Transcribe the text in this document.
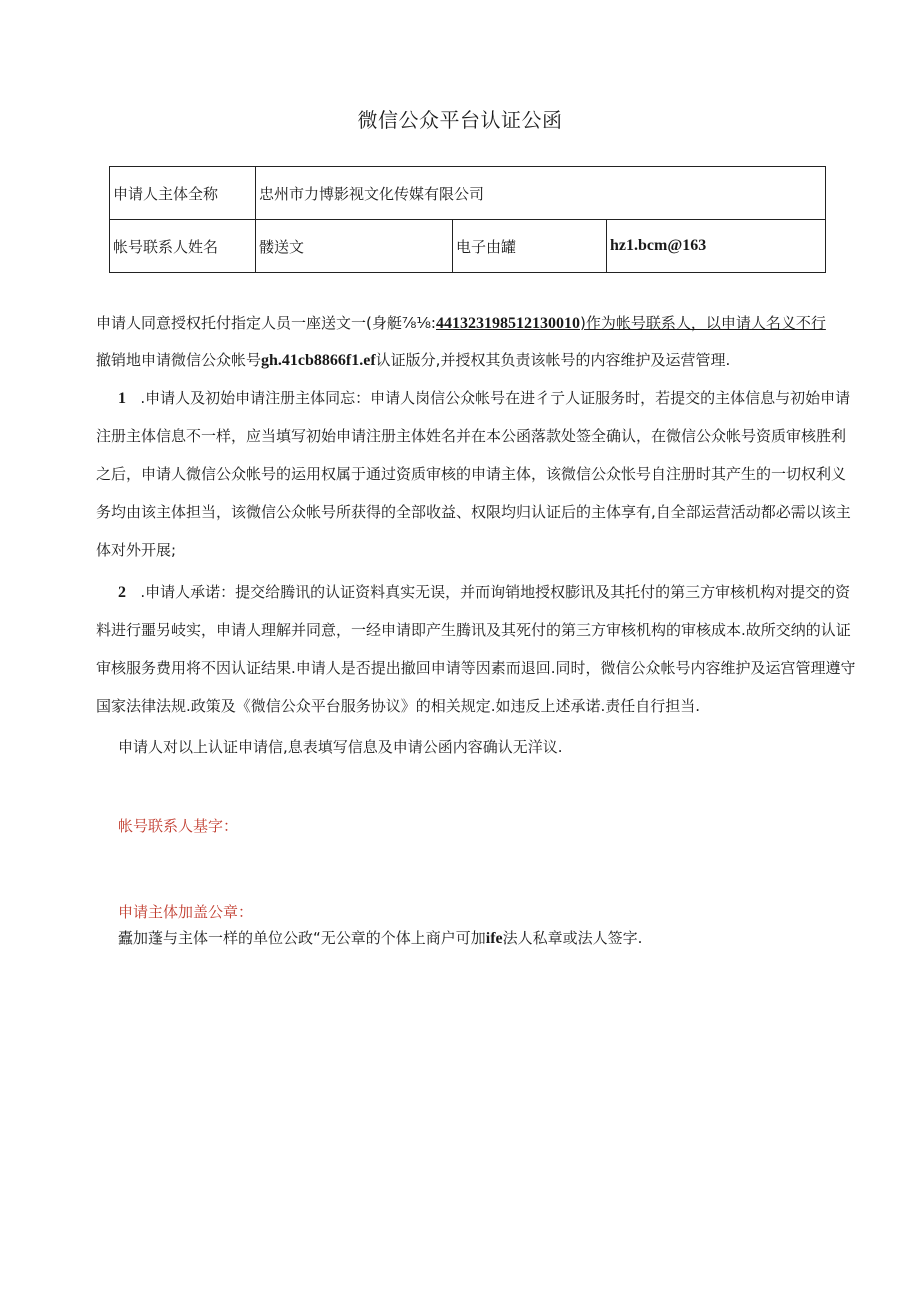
微信公众平台认证公函
申请人主体全称	忠州市力博影视文化传媒有限公司		
帐号联系人姓名	髅送文	电子由罐	hz1.bcm@163
申请人同意授权托付指定人员一座送文一(身艇⅞⅛:441323198512130010)作为帐号联系人，以申请人名义不行
撤销地申请微信公众帐号gh.41cb8866f1.ef认证版分,并授权其负责该帐号的内容维护及运营管理.
1 .申请人及初始申请注册主体同忘：申请人岗信公众帐号在进彳亍人证服务时，若提交的主体信息与初始申请
注册主体信息不一样，应当填写初始申请注册主体姓名并在本公函落款处签全确认，在微信公众帐号资质审核胜利
之后，申请人微信公众帐号的运用权属于通过资质审核的申请主体，该微信公众怅号自注册时其产生的一切权利义
务均由该主体担当，该微信公众帐号所获得的全部收益、权限均归认证后的主体享有,自全部运营活动都必需以该主
体对外开展;
2 .申请人承诺：提交给腾讯的认证资料真实无误，并而询销地授权膨讯及其托付的第三方审核机构对提交的资
料进行噩另岐实，申请人理解并同意，一经申请即产生腾讯及其死付的第三方审核机构的审核成本.故所交纳的认证
审核服务费用将不因认证结果.申请人是否提出撤回申请等因素而退回.同时，微信公众帐号内容维护及运宫管理遵守
国家法律法规.政策及《微信公众平台服务协议》的相关规定.如违反上述承诺.责任自行担当.
申请人对以上认证申请信,息表填写信息及申请公函内容确认无洋议.
帐号联系人基字：
申请主体加盖公章：
蠹加蓬与主体一样的单位公政“无公章的个体上商户可加ife法人私章或法人签字.
